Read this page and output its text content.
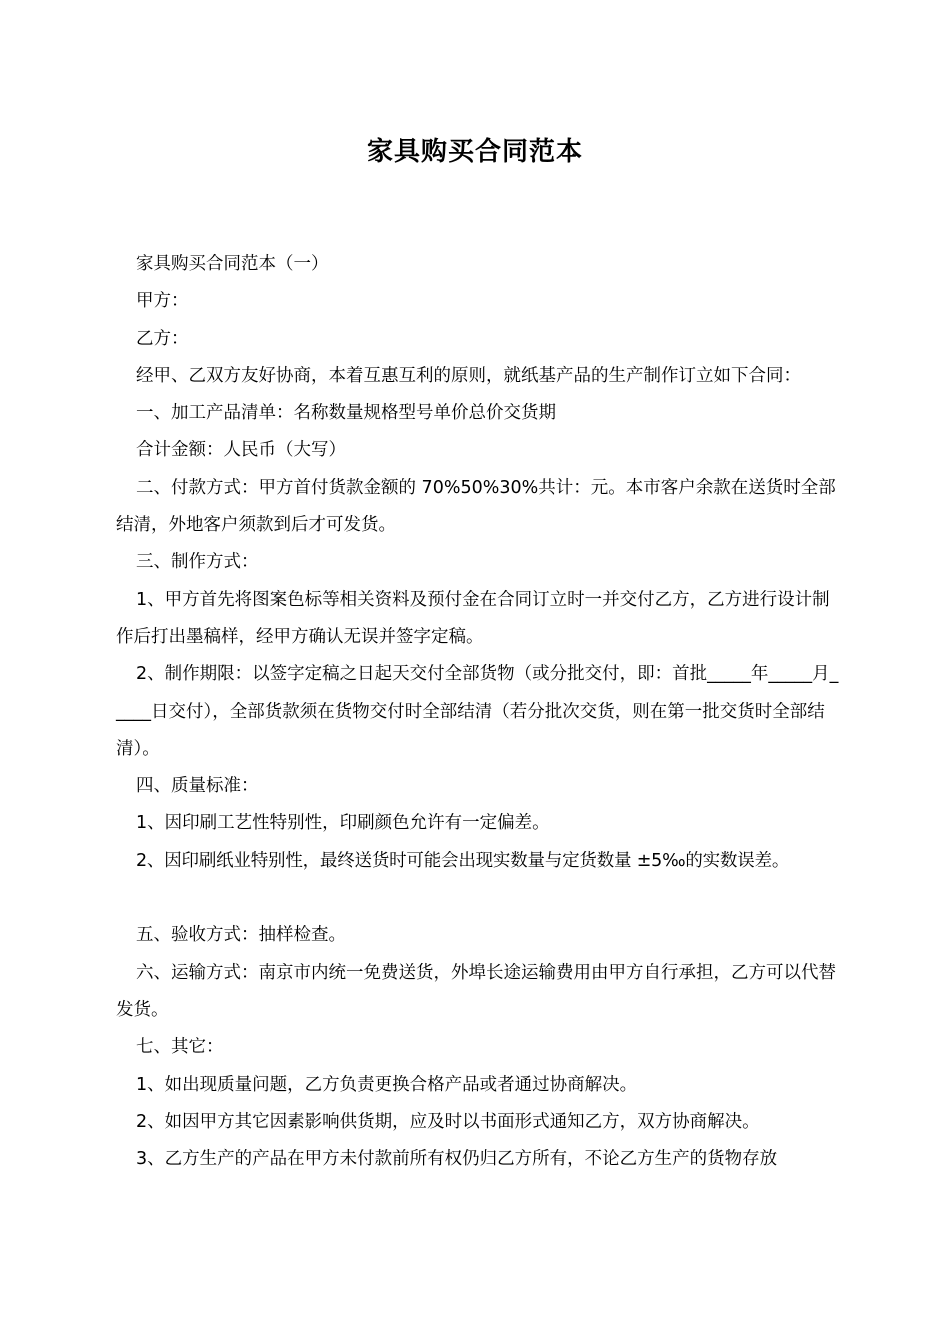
家具购买合同范本

家具购买合同范本（一）

甲方：

乙方：

经甲、乙双方友好协商，本着互惠互利的原则，就纸基产品的生产制作订立如下合同：

一、加工产品清单：名称数量规格型号单价总价交货期

合计金额：人民币（大写）

二、付款方式：甲方首付货款金额的 70%50%30%共计：元。本市客户余款在送货时全部结清，外地客户须款到后才可发货。

三、制作方式：

1、甲方首先将图案色标等相关资料及预付金在合同订立时一并交付乙方，乙方进行设计制作后打出墨稿样，经甲方确认无误并签字定稿。

2、制作期限：以签字定稿之日起天交付全部货物（或分批交付，即：首批_____年_____月_____日交付），全部货款须在货物交付时全部结清（若分批次交货，则在第一批交货时全部结清）。

四、质量标准：

1、因印刷工艺性特别性，印刷颜色允许有一定偏差。

2、因印刷纸业特别性，最终送货时可能会出现实数量与定货数量 ±5‰的实数误差。

五、验收方式：抽样检查。

六、运输方式：南京市内统一免费送货，外埠长途运输费用由甲方自行承担，乙方可以代替发货。

七、其它：

1、如出现质量问题，乙方负责更换合格产品或者通过协商解决。

2、如因甲方其它因素影响供货期，应及时以书面形式通知乙方，双方协商解决。

3、乙方生产的产品在甲方未付款前所有权仍归乙方所有，不论乙方生产的货物存放
